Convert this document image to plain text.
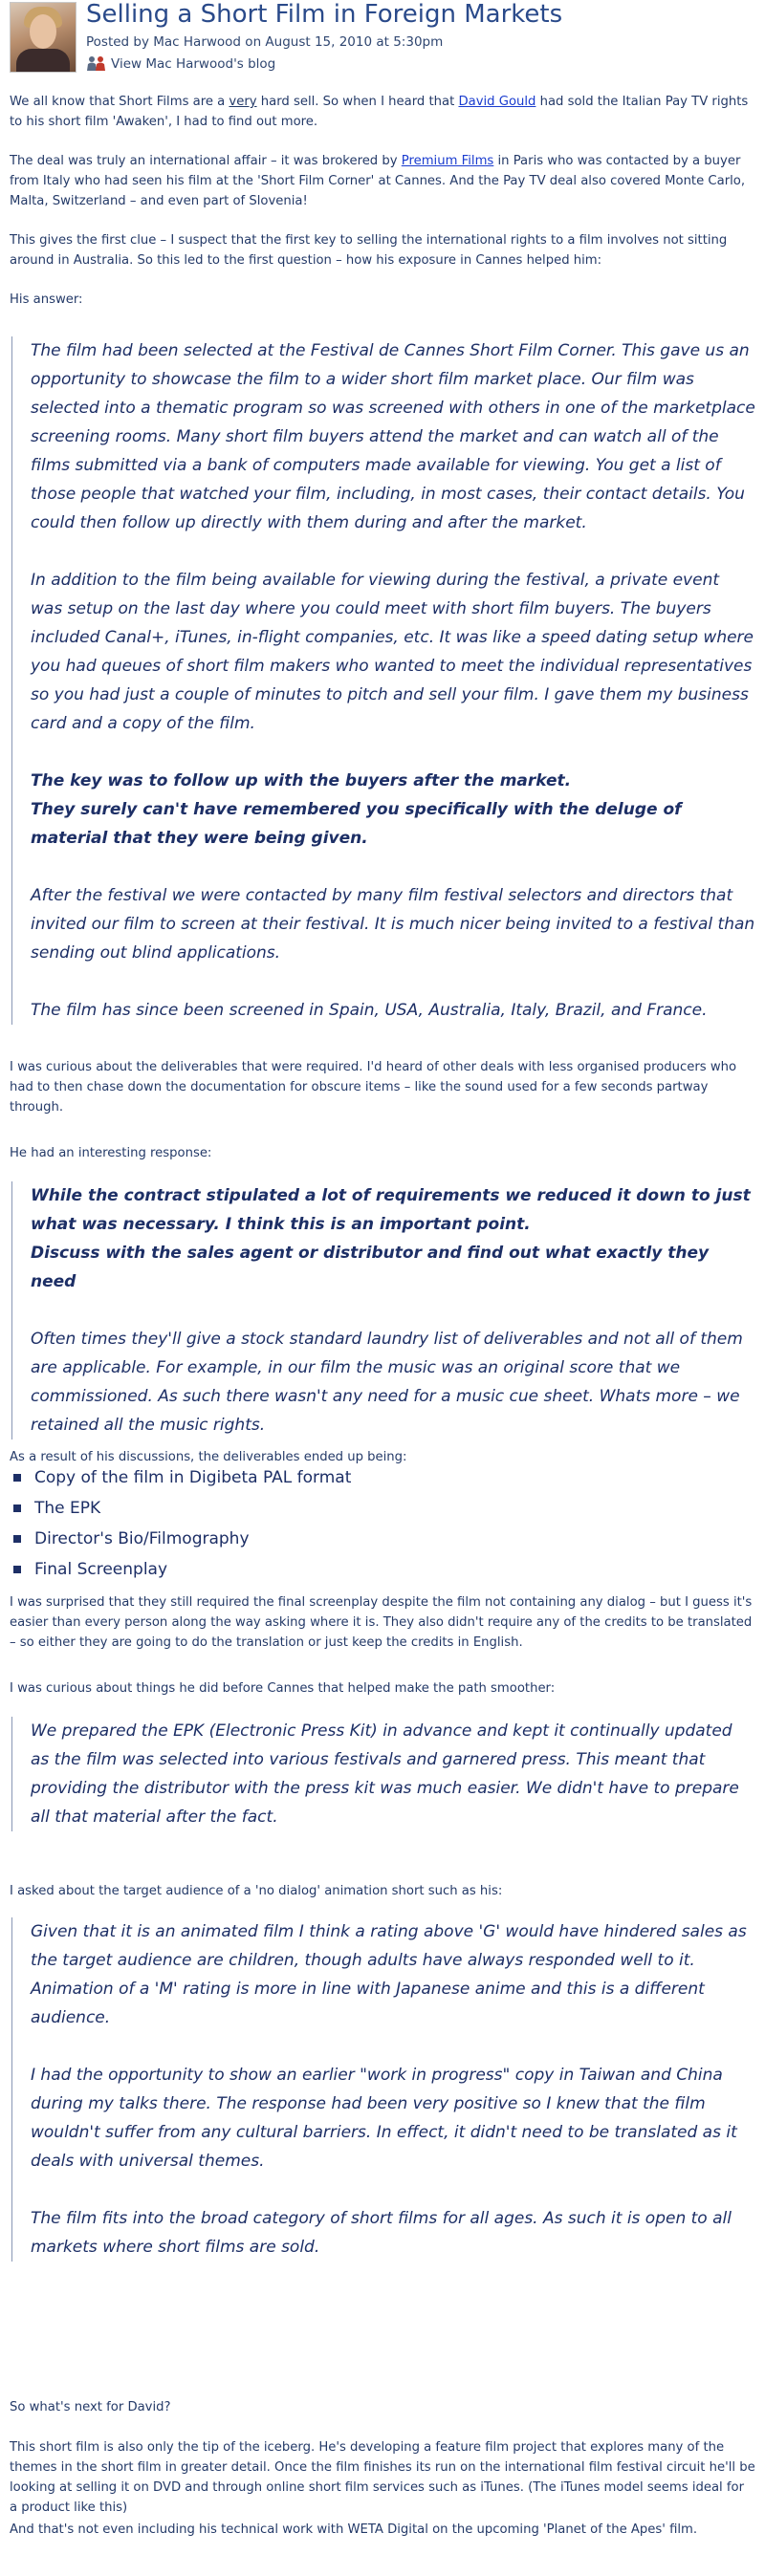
Selling a Short Film in Foreign Markets
Posted by Mac Harwood on August 15, 2010 at 5:30pm
View Mac Harwood's blog

We all know that Short Films are a very hard sell. So when I heard that David Gould had sold the Italian Pay TV rights to his short film 'Awaken', I had to find out more.

The deal was truly an international affair – it was brokered by Premium Films in Paris who was contacted by a buyer from Italy who had seen his film at the 'Short Film Corner' at Cannes. And the Pay TV deal also covered Monte Carlo, Malta, Switzerland – and even part of Slovenia!

This gives the first clue – I suspect that the first key to selling the international rights to a film involves not sitting around in Australia. So this led to the first question – how his exposure in Cannes helped him:

His answer:

The film had been selected at the Festival de Cannes Short Film Corner. This gave us an opportunity to showcase the film to a wider short film market place. Our film was selected into a thematic program so was screened with others in one of the marketplace screening rooms. Many short film buyers attend the market and can watch all of the films submitted via a bank of computers made available for viewing. You get a list of those people that watched your film, including, in most cases, their contact details. You could then follow up directly with them during and after the market.

In addition to the film being available for viewing during the festival, a private event was setup on the last day where you could meet with short film buyers. The buyers included Canal+, iTunes, in-flight companies, etc. It was like a speed dating setup where you had queues of short film makers who wanted to meet the individual representatives so you had just a couple of minutes to pitch and sell your film. I gave them my business card and a copy of the film.

The key was to follow up with the buyers after the market.

They surely can't have remembered you specifically with the deluge of material that they were being given.

After the festival we were contacted by many film festival selectors and directors that invited our film to screen at their festival. It is much nicer being invited to a festival than sending out blind applications.

The film has since been screened in Spain, USA, Australia, Italy, Brazil, and France.

I was curious about the deliverables that were required. I'd heard of other deals with less organised producers who had to then chase down the documentation for obscure items – like the sound used for a few seconds partway through.

He had an interesting response:

While the contract stipulated a lot of requirements we reduced it down to just what was necessary. I think this is an important point.

Discuss with the sales agent or distributor and find out what exactly they need

Often times they'll give a stock standard laundry list of deliverables and not all of them are applicable. For example, in our film the music was an original score that we commissioned. As such there wasn't any need for a music cue sheet. Whats more – we retained all the music rights.

As a result of his discussions, the deliverables ended up being:

Copy of the film in Digibeta PAL format
The EPK
Director's Bio/Filmography
Final Screenplay

I was surprised that they still required the final screenplay despite the film not containing any dialog – but I guess it's easier than every person along the way asking where it is. They also didn't require any of the credits to be translated – so either they are going to do the translation or just keep the credits in English.

I was curious about things he did before Cannes that helped make the path smoother:

We prepared the EPK (Electronic Press Kit) in advance and kept it continually updated as the film was selected into various festivals and garnered press. This meant that providing the distributor with the press kit was much easier. We didn't have to prepare all that material after the fact.

I asked about the target audience of a 'no dialog' animation short such as his:

Given that it is an animated film I think a rating above 'G' would have hindered sales as the target audience are children, though adults have always responded well to it. Animation of a 'M' rating is more in line with Japanese anime and this is a different audience.

I had the opportunity to show an earlier "work in progress" copy in Taiwan and China during my talks there. The response had been very positive so I knew that the film wouldn't suffer from any cultural barriers. In effect, it didn't need to be translated as it deals with universal themes.

The film fits into the broad category of short films for all ages. As such it is open to all markets where short films are sold.

So what's next for David?

This short film is also only the tip of the iceberg. He's developing a feature film project that explores many of the themes in the short film in greater detail. Once the film finishes its run on the international film festival circuit he'll be looking at selling it on DVD and through online short film services such as iTunes. (The iTunes model seems ideal for a product like this)

And that's not even including his technical work with WETA Digital on the upcoming 'Planet of the Apes' film.
